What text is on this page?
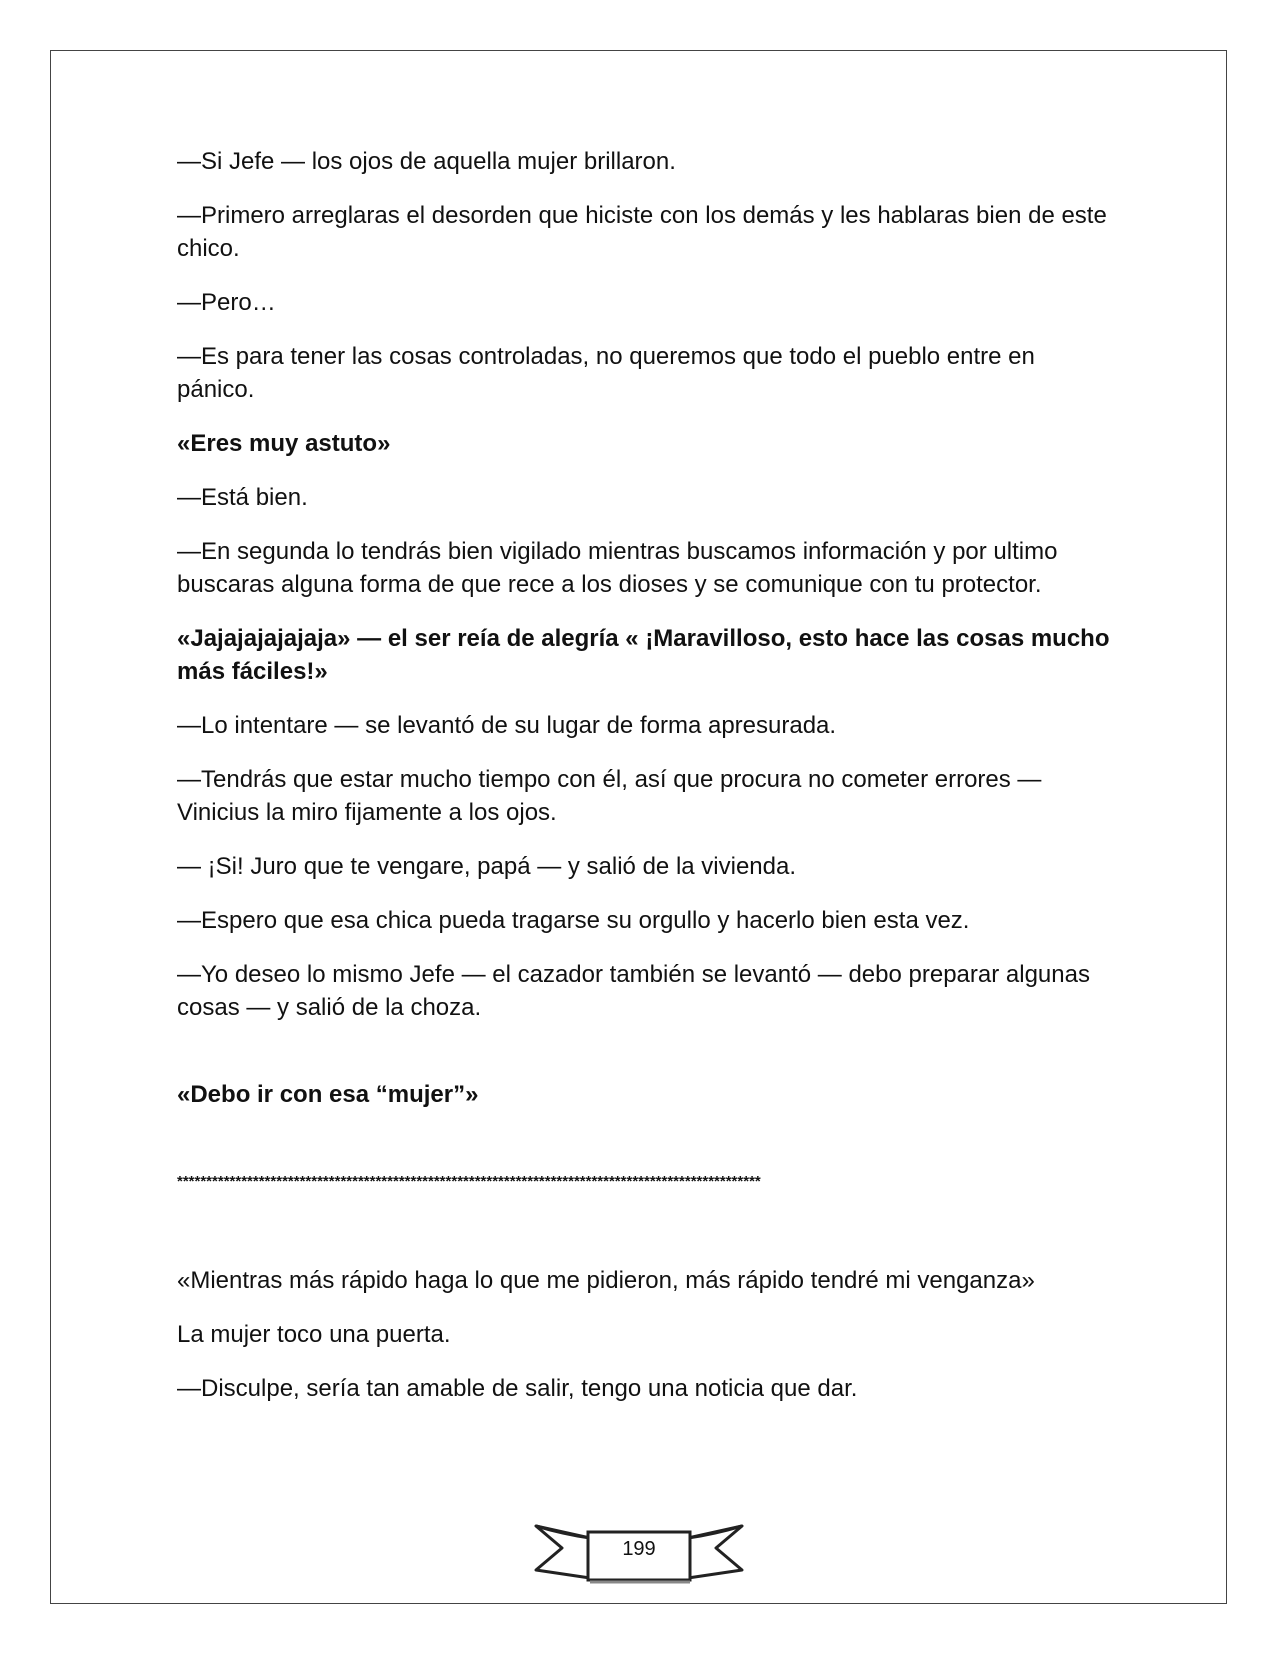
—Si Jefe — los ojos de aquella mujer brillaron.

—Primero arreglaras el desorden que hiciste con los demás y les hablaras bien de este chico.

—Pero…

—Es para tener las cosas controladas, no queremos que todo el pueblo entre en pánico.

«Eres muy astuto»

—Está bien.

—En segunda lo tendrás bien vigilado mientras buscamos información y por ultimo buscaras alguna forma de que rece a los dioses y se comunique con tu protector.

«Jajajajajajaja» — el ser reía de alegría « ¡Maravilloso, esto hace las cosas mucho más fáciles!»

—Lo intentare — se levantó de su lugar de forma apresurada.

—Tendrás que estar mucho tiempo con él, así que procura no cometer errores — Vinicius la miro fijamente a los ojos.

— ¡Si! Juro que te vengare, papá — y salió de la vivienda.

—Espero que esa chica pueda tragarse su orgullo y hacerlo bien esta vez.

—Yo deseo lo mismo Jefe — el cazador también se levantó — debo preparar algunas cosas — y salió de la choza.

«Debo ir con esa “mujer”»

****************************************************************************************************

«Mientras más rápido haga lo que me pidieron, más rápido tendré mi venganza»

La mujer toco una puerta.

—Disculpe, sería tan amable de salir, tengo una noticia que dar.

199
